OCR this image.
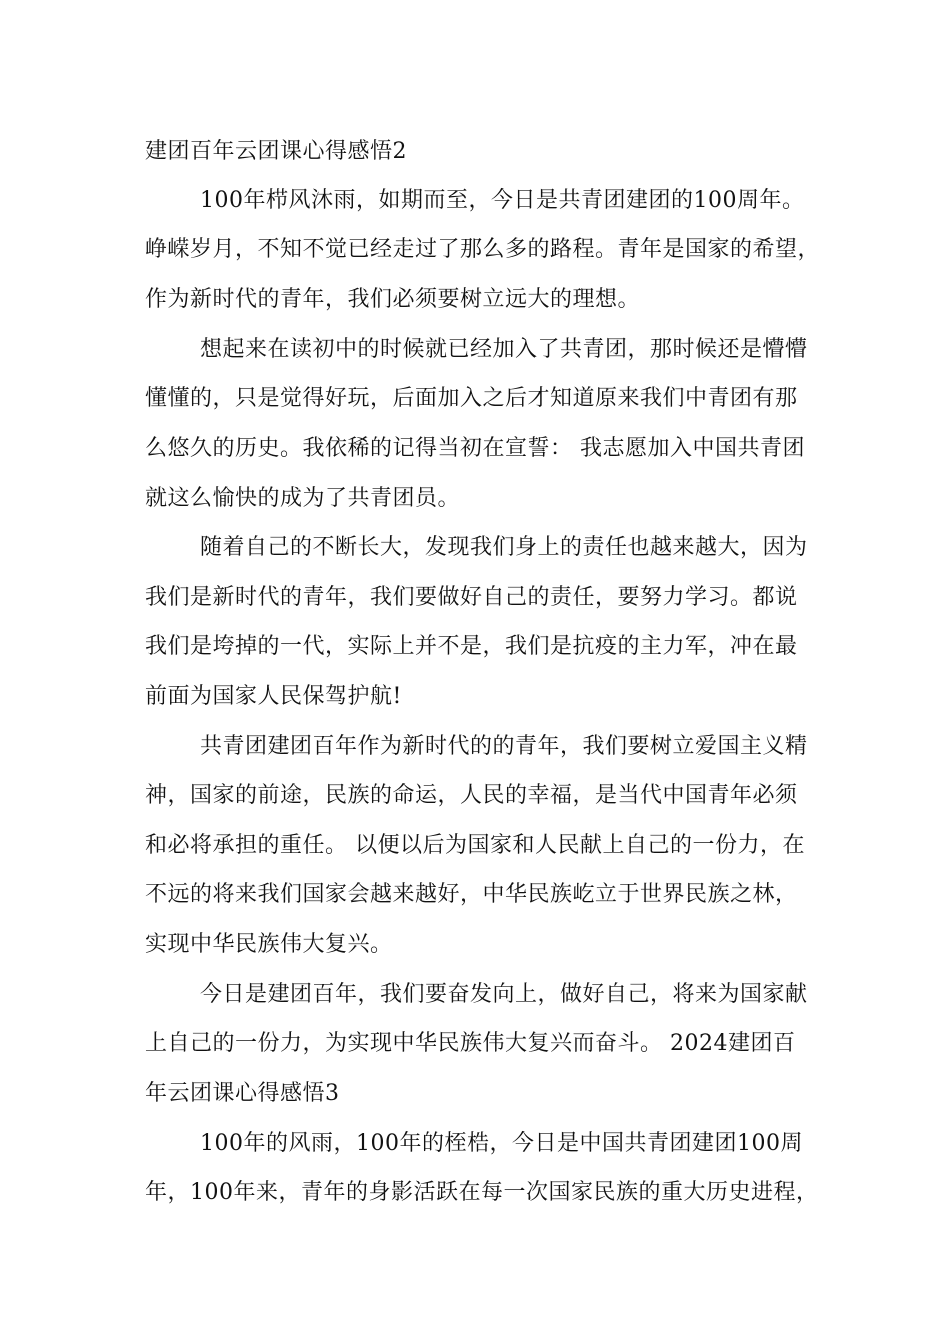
建团百年云团课心得感悟2
100年栉风沐雨，如期而至，今日是共青团建团的100周年。
峥嵘岁月，不知不觉已经走过了那么多的路程。青年是国家的希望，
作为新时代的青年，我们必须要树立远大的理想。
想起来在读初中的时候就已经加入了共青团，那时候还是懵懵
懂懂的，只是觉得好玩，后面加入之后才知道原来我们中青团有那
么悠久的历史。我依稀的记得当初在宣誓： 我志愿加入中国共青团
就这么愉快的成为了共青团员。
随着自己的不断长大，发现我们身上的责任也越来越大，因为
我们是新时代的青年，我们要做好自己的责任，要努力学习。都说
我们是垮掉的一代，实际上并不是，我们是抗疫的主力军，冲在最
前面为国家人民保驾护航!
共青团建团百年作为新时代的的青年，我们要树立爱国主义精
神，国家的前途，民族的命运，人民的幸福，是当代中国青年必须
和必将承担的重任。 以便以后为国家和人民献上自己的一份力，在
不远的将来我们国家会越来越好，中华民族屹立于世界民族之林，
实现中华民族伟大复兴。
今日是建团百年，我们要奋发向上，做好自己，将来为国家献
上自己的一份力，为实现中华民族伟大复兴而奋斗。 2024建团百
年云团课心得感悟3
100年的风雨，100年的桎梏，今日是中国共青团建团100周
年，100年来，青年的身影活跃在每一次国家民族的重大历史进程，
